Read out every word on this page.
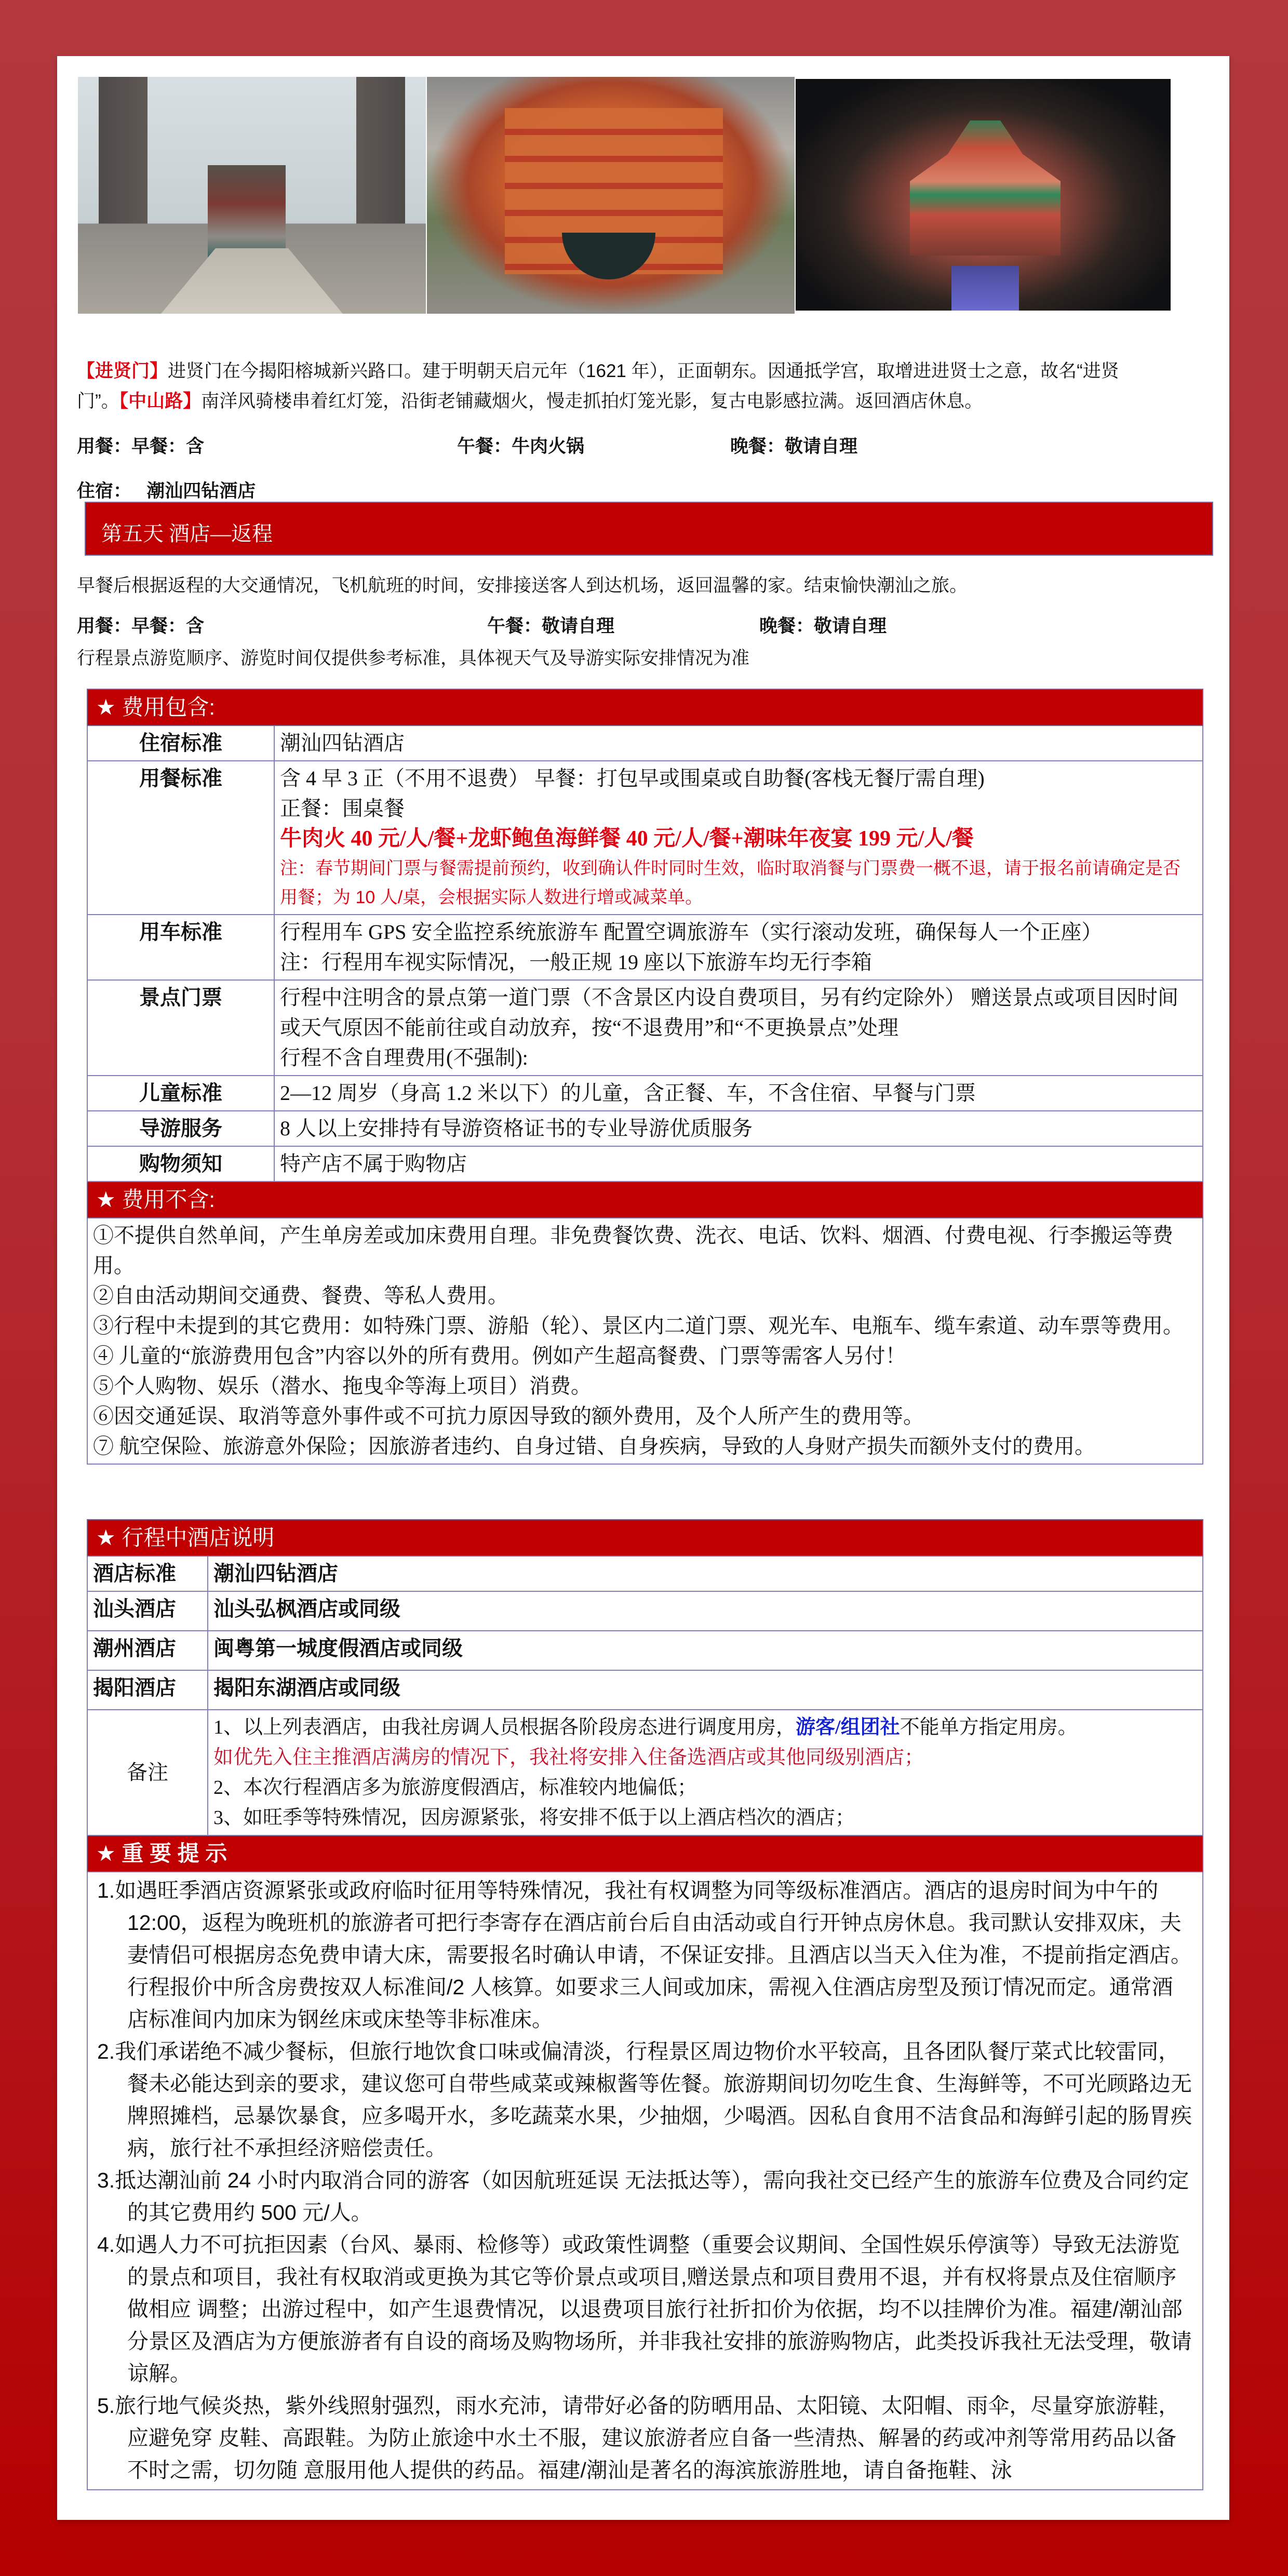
【进贤门】进贤门在今揭阳榕城新兴路口。建于明朝天启元年（1621 年），正面朝东。因通抵学宫，取增进进贤士之意，故名“进贤
门”。【中山路】南洋风骑楼串着红灯笼，沿街老铺藏烟火，慢走抓拍灯笼光影，复古电影感拉满。返回酒店休息。
用餐：早餐：含	午餐：牛肉火锅	晚餐：敬请自理
住宿： 潮汕四钻酒店
第五天 酒店—返程
早餐后根据返程的大交通情况，飞机航班的时间，安排接送客人到达机场，返回温馨的家。结束愉快潮汕之旅。
用餐：早餐：含	午餐：敬请自理	晚餐：敬请自理
行程景点游览顺序、游览时间仅提供参考标准，具体视天气及导游实际安排情况为准
★ 费用包含:	
住宿标准	潮汕四钻酒店
用餐标准	含 4 早 3 正（不用不退费） 早餐：打包早或围桌或自助餐(客栈无餐厅需自理)
正餐：围桌餐
牛肉火 40 元/人/餐+龙虾鲍鱼海鲜餐 40 元/人/餐+潮味年夜宴 199 元/人/餐
注：春节期间门票与餐需提前预约，收到确认件时同时生效，临时取消餐与门票费一概不退，请于报名前请确定是否用餐；为 10 人/桌，会根据实际人数进行增或减菜单。

用车标准	行程用车 GPS 安全监控系统旅游车 配置空调旅游车（实行滚动发班，确保每人一个正座）
注：行程用车视实际情况，一般正规 19 座以下旅游车均无行李箱

景点门票	行程中注明含的景点第一道门票（不含景区内设自费项目，另有约定除外） 赠送景点或项目因时间或天气原因不能前往或自动放弃，按“不退费用”和“不更换景点”处理
行程不含自理费用(不强制):

儿童标准	2—12 周岁（身高 1.2 米以下）的儿童，含正餐、车，不含住宿、早餐与门票
导游服务	8 人以上安排持有导游资格证书的专业导游优质服务
购物须知	特产店不属于购物店
★ 费用不含:	

①不提供自然单间，产生单房差或加床费用自理。非免费餐饮费、洗衣、电话、饮料、烟酒、付费电视、行李搬运等费用。
②自由活动期间交通费、餐费、等私人费用。
③行程中未提到的其它费用：如特殊门票、游船（轮）、景区内二道门票、观光车、电瓶车、缆车索道、动车票等费用。
④ 儿童的“旅游费用包含”内容以外的所有费用。例如产生超高餐费、门票等需客人另付！
⑤个人购物、娱乐（潜水、拖曳伞等海上项目）消费。
⑥因交通延误、取消等意外事件或不可抗力原因导致的额外费用，及个人所产生的费用等。
⑦ 航空保险、旅游意外保险；因旅游者违约、自身过错、自身疾病，导致的人身财产损失而额外支付的费用。
★ 行程中酒店说明	
酒店标准	潮汕四钻酒店
汕头酒店	汕头弘枫酒店或同级
潮州酒店	闽粤第一城度假酒店或同级
揭阳酒店	揭阳东湖酒店或同级
备注	1、以上列表酒店，由我社房调人员根据各阶段房态进行调度用房，游客/组团社不能单方指定用房。
如优先入住主推酒店满房的情况下，我社将安排入住备选酒店或其他同级别酒店；
2、本次行程酒店多为旅游度假酒店，标准较内地偏低；
3、如旺季等特殊情况，因房源紧张，将安排不低于以上酒店档次的酒店；

★ 重 要 提 示	

1.如遇旺季酒店资源紧张或政府临时征用等特殊情况，我社有权调整为同等级标准酒店。酒店的退房时间为中午的 12:00，返程为晚班机的旅游者可把行李寄存在酒店前台后自由活动或自行开钟点房休息。我司默认安排双床，夫妻情侣可根据房态免费申请大床，需要报名时确认申请，不保证安排。且酒店以当天入住为准，不提前指定酒店。行程报价中所含房费按双人标准间/2 人核算。如要求三人间或加床，需视入住酒店房型及预订情况而定。通常酒店标准间内加床为钢丝床或床垫等非标准床。
2.我们承诺绝不减少餐标，但旅行地饮食口味或偏清淡，行程景区周边物价水平较高，且各团队餐厅菜式比较雷同，餐未必能达到亲的要求，建议您可自带些咸菜或辣椒酱等佐餐。旅游期间切勿吃生食、生海鲜等，不可光顾路边无牌照摊档，忌暴饮暴食，应多喝开水，多吃蔬菜水果，少抽烟，少喝酒。因私自食用不洁食品和海鲜引起的肠胃疾病，旅行社不承担经济赔偿责任。
3.抵达潮汕前 24 小时内取消合同的游客（如因航班延误 无法抵达等），需向我社交已经产生的旅游车位费及合同约定的其它费用约 500 元/人。
4.如遇人力不可抗拒因素（台风、暴雨、检修等）或政策性调整（重要会议期间、全国性娱乐停演等）导致无法游览的景点和项目，我社有权取消或更换为其它等价景点或项目,赠送景点和项目费用不退，并有权将景点及住宿顺序做相应 调整；出游过程中，如产生退费情况，以退费项目旅行社折扣价为依据，均不以挂牌价为准。福建/潮汕部分景区及酒店为方便旅游者有自设的商场及购物场所，并非我社安排的旅游购物店，此类投诉我社无法受理，敬请谅解。
5.旅行地气候炎热，紫外线照射强烈，雨水充沛，请带好必备的防晒用品、太阳镜、太阳帽、雨伞，尽量穿旅游鞋，应避免穿 皮鞋、高跟鞋。为防止旅途中水土不服，建议旅游者应自备一些清热、解暑的药或冲剂等常用药品以备不时之需，切勿随 意服用他人提供的药品。福建/潮汕是著名的海滨旅游胜地，请自备拖鞋、泳	
